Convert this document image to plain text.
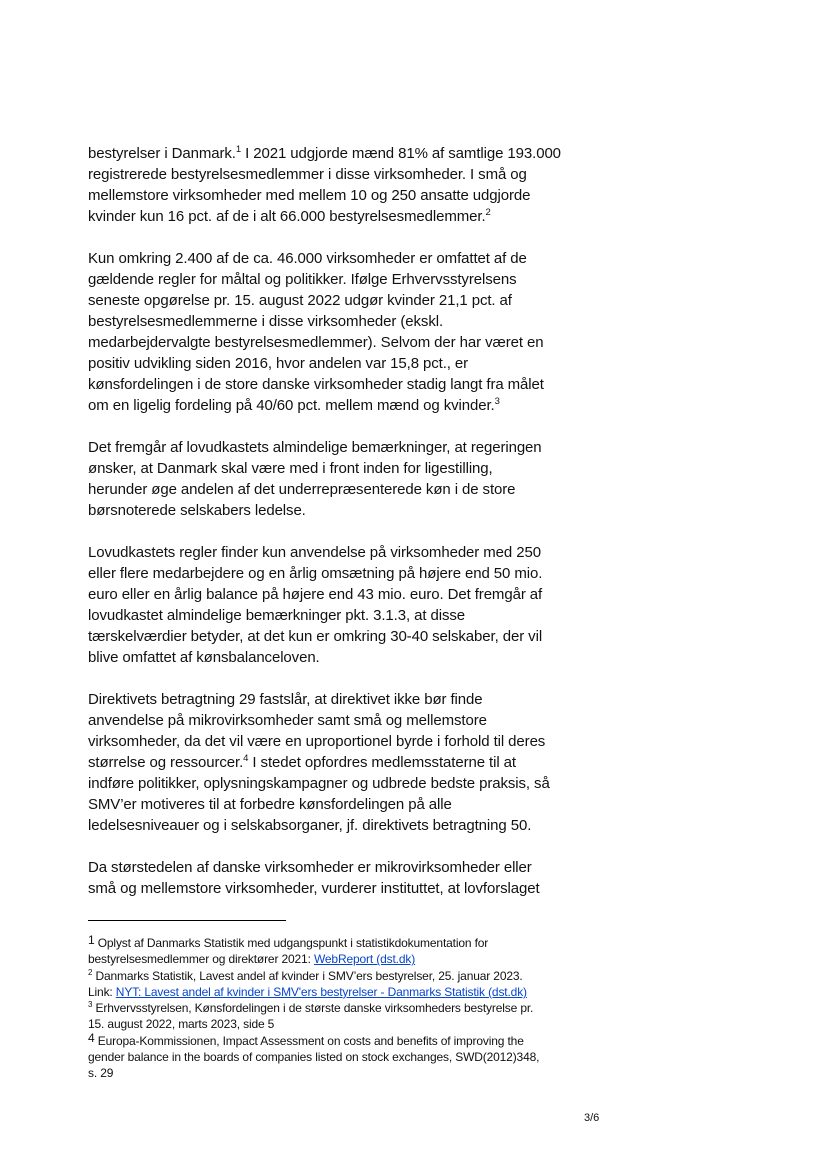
bestyrelser i Danmark.$^1$ I 2021 udgjorde mænd 81% af samtlige 193.000
registrerede bestyrelsesmedlemmer i disse virksomheder. I små og
mellemstore virksomheder med mellem 10 og 250 ansatte udgjorde
kvinder kun 16 pct. af de i alt 66.000 bestyrelsesmedlemmer.$^2$

Kun omkring 2.400 af de ca. 46.000 virksomheder er omfattet af de
gældende regler for måltal og politikker. Ifølge Erhvervsstyrelsens
seneste opgørelse pr. 15. august 2022 udgør kvinder 21,1 pct. af
bestyrelsesmedlemmerne i disse virksomheder (ekskl.
medarbejdervalgte bestyrelsesmedlemmer). Selvom der har været en
positiv udvikling siden 2016, hvor andelen var 15,8 pct., er
kønsfordelingen i de store danske virksomheder stadig langt fra målet
om en ligelig fordeling på 40/60 pct. mellem mænd og kvinder.$^3$

Det fremgår af lovudkastets almindelige bemærkninger, at regeringen
ønsker, at Danmark skal være med i front inden for ligestilling,
herunder øge andelen af det underrepræsenterede køn i de store
børsnoterede selskabers ledelse.

Lovudkastets regler finder kun anvendelse på virksomheder med 250
eller flere medarbejdere og en årlig omsætning på højere end 50 mio.
euro eller en årlig balance på højere end 43 mio. euro. Det fremgår af
lovudkastet almindelige bemærkninger pkt. 3.1.3, at disse
tærskelværdier betyder, at det kun er omkring 30-40 selskaber, der vil
blive omfattet af kønsbalanceloven.

Direktivets betragtning 29 fastslår, at direktivet ikke bør finde
anvendelse på mikrovirksomheder samt små og mellemstore
virksomheder, da det vil være en uproportionel byrde i forhold til deres
størrelse og ressourcer.$^4$ I stedet opfordres medlemsstaterne til at
indføre politikker, oplysningskampagner og udbrede bedste praksis, så
SMV’er motiveres til at forbedre kønsfordelingen på alle
ledelsesniveauer og i selskabsorganer, jf. direktivets betragtning 50.

Da størstedelen af danske virksomheder er mikrovirksomheder eller
små og mellemstore virksomheder, vurderer instituttet, at lovforslaget

$^1$ Oplyst af Danmarks Statistik med udgangspunkt i statistikdokumentation for
bestyrelsesmedlemmer og direktører 2021: WebReport (dst.dk)

$^2$ Danmarks Statistik, Lavest andel af kvinder i SMV’ers bestyrelser, 25. januar 2023.
Link: NYT: Lavest andel af kvinder i SMV'ers bestyrelser - Danmarks Statistik (dst.dk)

$^3$ Erhvervsstyrelsen, Kønsfordelingen i de største danske virksomheders bestyrelse pr.
15. august 2022, marts 2023, side 5

$^4$ Europa-Kommissionen, Impact Assessment on costs and benefits of improving the
gender balance in the boards of companies listed on stock exchanges, SWD(2012)348,
s. 29

3/6
